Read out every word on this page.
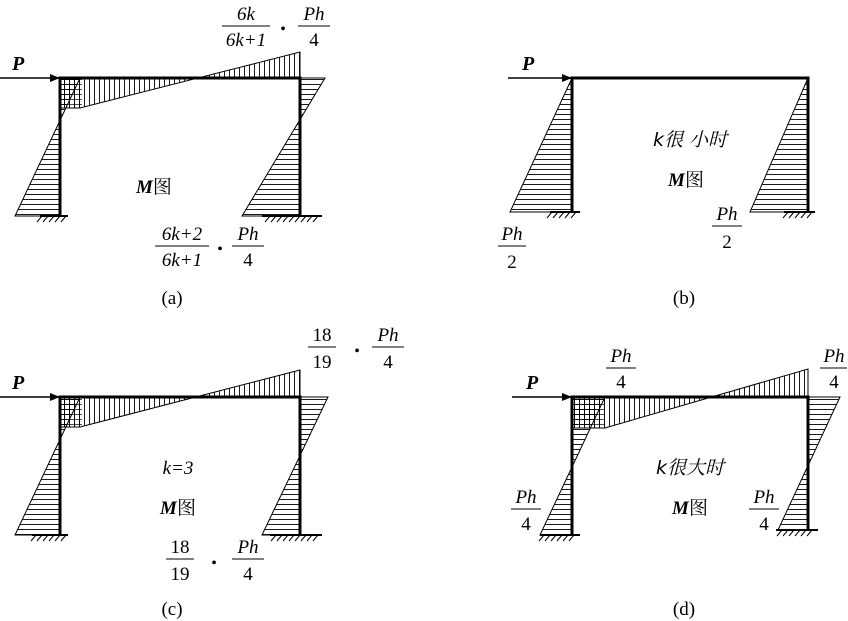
P
M图
6k
6k+1
•
Ph
4
6k+2
6k+1
•
Ph
4
(a)
P
k很 小时
M图
Ph
2
Ph
2
(b)
P
k=3
M图
18
19
•
Ph
4
18
19
•
Ph
4
(c)
P
k很大时
M图
Ph
4
Ph
4
Ph
4
Ph
4
(d)
